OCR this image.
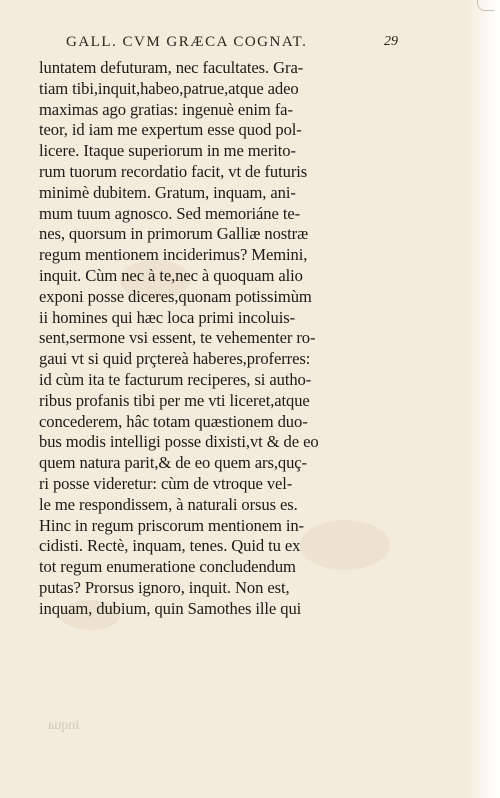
GALL. CVM GRÆCA COGNAT.	29
luntatem defuturam, nec facultates. Gra-
tiam tibi,inquit,habeo,patrue,atque adeo
maximas ago gratias: ingenuè enim fa-
teor, id iam me expertum esse quod pol-
licere. Itaque superiorum in me merito-
rum tuorum recordatio facit, vt de futuris
minimè dubitem. Gratum, inquam, ani-
mum tuum agnosco. Sed memoriáne te-
nes, quorsum in primorum Galliæ nostræ
regum mentionem inciderimus? Memini,
inquit. Cùm nec à te,nec à quoquam alio
exponi posse diceres,quonam potissimùm
ii homines qui hæc loca primi incoluis-
sent,sermone vsi essent, te vehementer ro-
gaui vt si quid prçtereà haberes,proferres:
id cùm ita te facturum reciperes, si autho-
ribus profanis tibi per me vti liceret,atque
concederem, hâc totam quæstionem duo-
bus modis intelligi posse dixisti,vt & de eo
quem natura parit,& de eo quem ars,quç-
ri posse videretur: cùm de vtroque vel-
le me respondissem, à naturali orsus es.
Hinc in regum priscorum mentionem in-
cidisti. Rectè, inquam, tenes. Quid tu ex
tot regum enumeratione concludendum
putas? Prorsus ignoro, inquit. Non est,
inquam, dubium, quin Samothes ille qui
inqua
